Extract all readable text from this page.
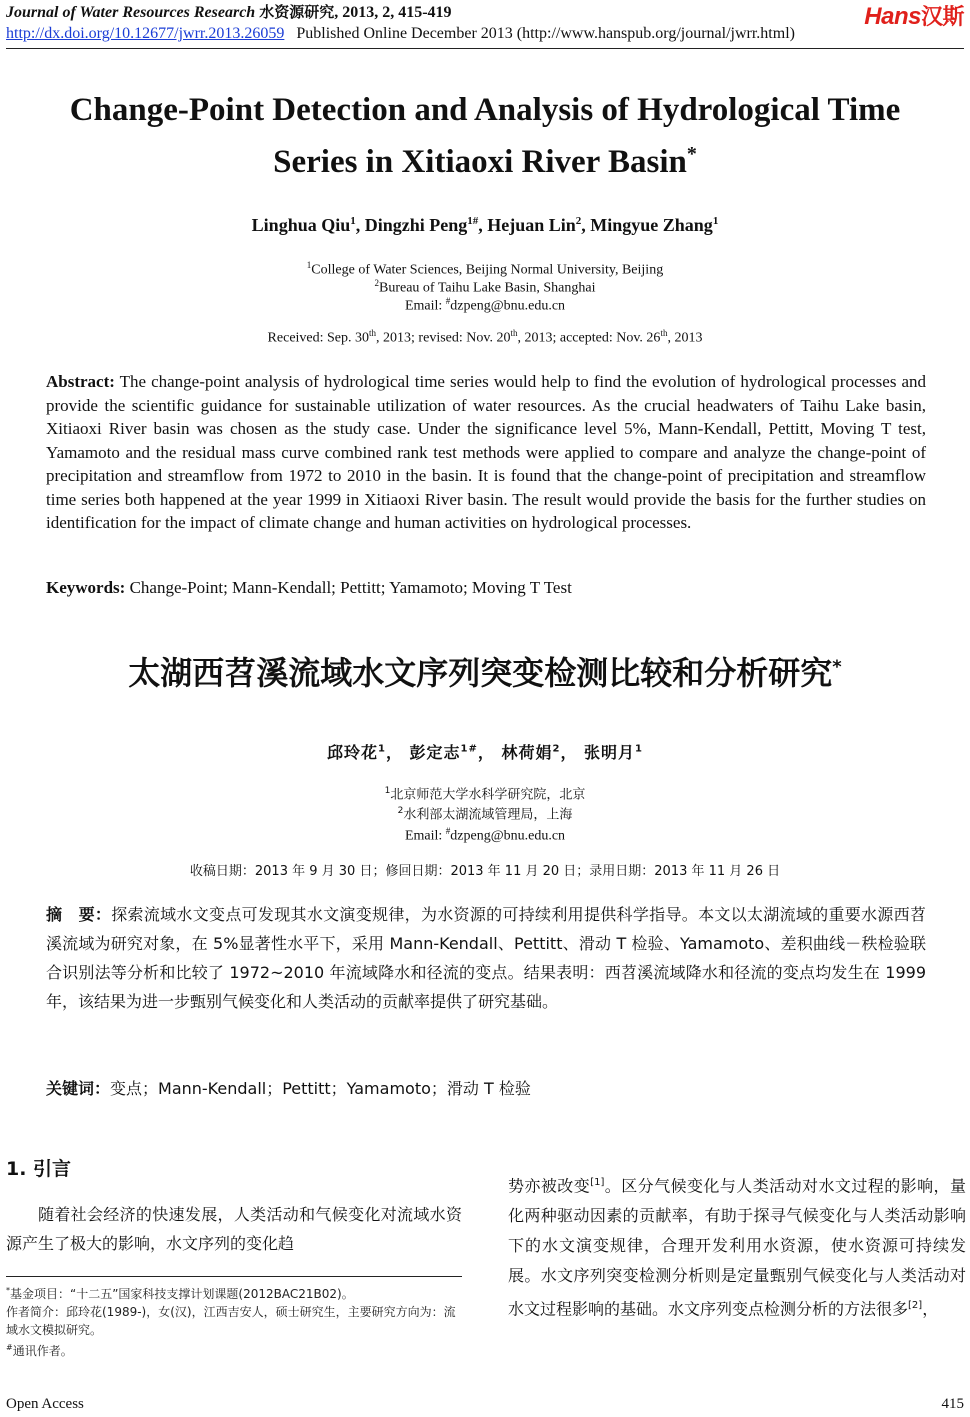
Journal of Water Resources Research 水资源研究, 2013, 2, 415-419
http://dx.doi.org/10.12677/jwrr.2013.26059 Published Online December 2013 (http://www.hanspub.org/journal/jwrr.html)
Hans汉斯
Change-Point Detection and Analysis of Hydrological Time Series in Xitiaoxi River Basin*
Linghua Qiu$^1$, Dingzhi Peng$^{1\#}$, Hejuan Lin$^2$, Mingyue Zhang$^1$
$^1$College of Water Sciences, Beijing Normal University, Beijing
$^2$Bureau of Taihu Lake Basin, Shanghai
Email: #dzpeng@bnu.edu.cn
Received: Sep. 30th, 2013; revised: Nov. 20th, 2013; accepted: Nov. 26th, 2013
Abstract: The change-point analysis of hydrological time series would help to find the evolution of hydrological processes and provide the scientific guidance for sustainable utilization of water resources. As the crucial headwaters of Taihu Lake basin, Xitiaoxi River basin was chosen as the study case. Under the significance level 5%, Mann-Kendall, Pettitt, Moving T test, Yamamoto and the residual mass curve combined rank test methods were applied to compare and analyze the change-point of precipitation and streamflow from 1972 to 2010 in the basin. It is found that the change-point of precipitation and streamflow time series both happened at the year 1999 in Xitiaoxi River basin. The result would provide the basis for the further studies on identification for the impact of climate change and human activities on hydrological processes.
Keywords: Change-Point; Mann-Kendall; Pettitt; Yamamoto; Moving T Test
太湖西苕溪流域水文序列突变检测比较和分析研究*
邱玲花$^1$， 彭定志$^{1\#}$， 林荷娟$^2$， 张明月$^1$
$^1$北京师范大学水科学研究院，北京
$^2$水利部太湖流域管理局，上海
Email: #dzpeng@bnu.edu.cn
收稿日期：2013 年 9 月 30 日；修回日期：2013 年 11 月 20 日；录用日期：2013 年 11 月 26 日
摘　要：探索流域水文变点可发现其水文演变规律，为水资源的可持续利用提供科学指导。本文以太湖流域的重要水源西苕溪流域为研究对象，在 5%显著性水平下，采用 Mann-Kendall、Pettitt、滑动 T 检验、Yamamoto、差积曲线－秩检验联合识别法等分析和比较了 1972~2010 年流域降水和径流的变点。结果表明：西苕溪流域降水和径流的变点均发生在 1999 年，该结果为进一步甄别气候变化和人类活动的贡献率提供了研究基础。
关键词：变点；Mann-Kendall；Pettitt；Yamamoto；滑动 T 检验
1. 引言

随着社会经济的快速发展，人类活动和气候变化对流域水资源产生了极大的影响，水文序列的变化趋

*基金项目：“十二五”国家科技支撑计划课题(2012BAC21B02)。

作者简介：邱玲花(1989-)，女(汉)，江西吉安人，硕士研究生，主要研究方向为：流域水文模拟研究。

#通讯作者。

势亦被改变[1]。区分气候变化与人类活动对水文过程的影响，量化两种驱动因素的贡献率，有助于探寻气候变化与人类活动影响下的水文演变规律，合理开发利用水资源，使水资源可持续发展。水文序列突变检测分析则是定量甄别气候变化与人类活动对水文过程影响的基础。水文序列变点检测分析的方法很多[2]，

Open Access	415
